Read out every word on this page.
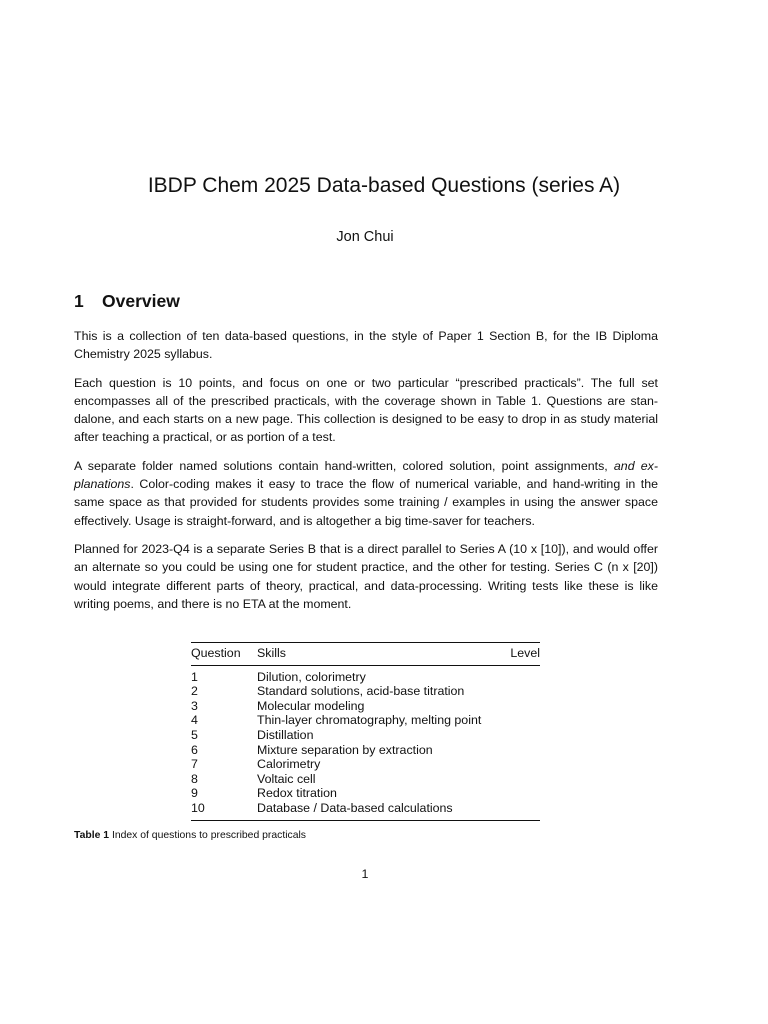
IBDP Chem 2025 Data-based Questions (series A)
Jon Chui
1 Overview

This is a collection of ten data-based questions, in the style of Paper 1 Section B, for the IB Diploma Chemistry 2025 syllabus.

Each question is 10 points, and focus on one or two particular “prescribed practicals”. The full set encompasses all of the prescribed practicals, with the coverage shown in Table 1. Questions are stan-dalone, and each starts on a new page. This collection is designed to be easy to drop in as study material after teaching a practical, or as portion of a test.

A separate folder named solutions contain hand-written, colored solution, point assignments, and ex-planations. Color-coding makes it easy to trace the flow of numerical variable, and hand-writing in the same space as that provided for students provides some training / examples in using the answer space effectively. Usage is straight-forward, and is altogether a big time-saver for teachers.

Planned for 2023-Q4 is a separate Series B that is a direct parallel to Series A (10 x [10]), and would offer an alternate so you could be using one for student practice, and the other for testing. Series C (n x [20]) would integrate different parts of theory, practical, and data-processing. Writing tests like these is like writing poems, and there is no ETA at the moment.

Question	Skills	Level
1	Dilution, colorimetry	
2	Standard solutions, acid-base titration	
3	Molecular modeling	
4	Thin-layer chromatography, melting point	
5	Distillation	
6	Mixture separation by extraction	
7	Calorimetry	
8	Voltaic cell	
9	Redox titration	
10	Database / Data-based calculations	
Table 1 Index of questions to prescribed practicals
1
